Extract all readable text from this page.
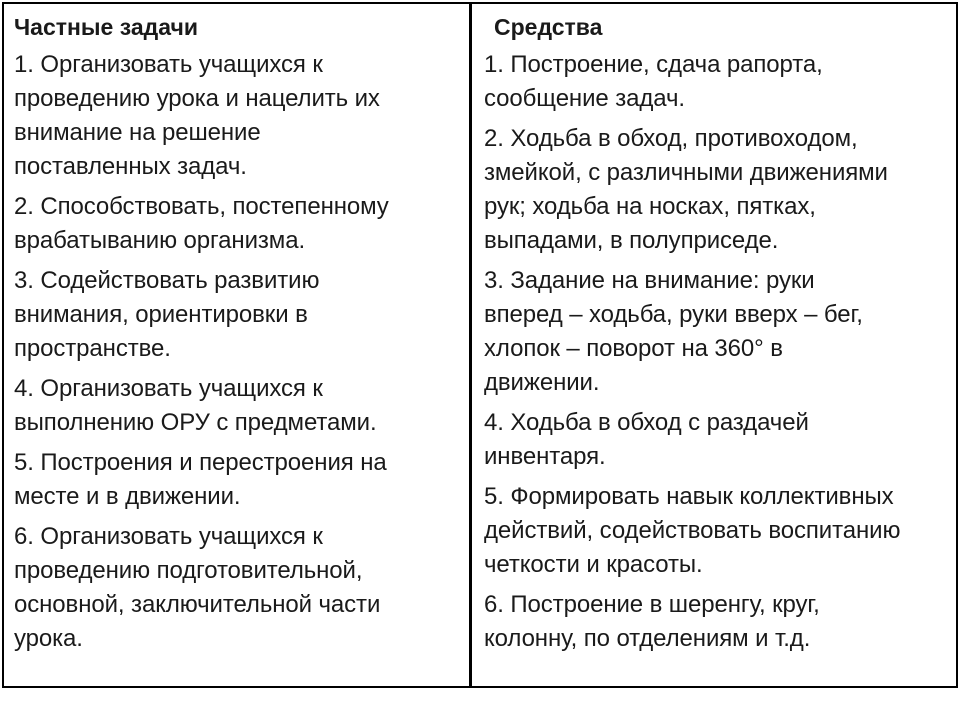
Частные задачи
1. Организовать учащихся к
проведению урока и нацелить их
внимание на решение
поставленных задач.
2. Способствовать, постепенному
врабатыванию организма.
3. Содействовать развитию
внимания, ориентировки в
пространстве.
4. Организовать учащихся к
выполнению ОРУ с предметами.
5. Построения и перестроения на
месте и в движении.
6. Организовать учащихся к
проведению подготовительной,
основной, заключительной части
урока.
Средства
1. Построение, сдача рапорта,
сообщение задач.
2. Ходьба в обход, противоходом,
змейкой, с различными движениями
рук; ходьба на носках, пятках,
выпадами, в полуприседе.
3. Задание на внимание: руки
вперед – ходьба, руки вверх – бег,
хлопок – поворот на 360° в
движении.
4. Ходьба в обход с раздачей
инвентаря.
5. Формировать навык коллективных
действий, содействовать воспитанию
четкости и красоты.
6. Построение в шеренгу, круг,
колонну, по отделениям и т.д.
